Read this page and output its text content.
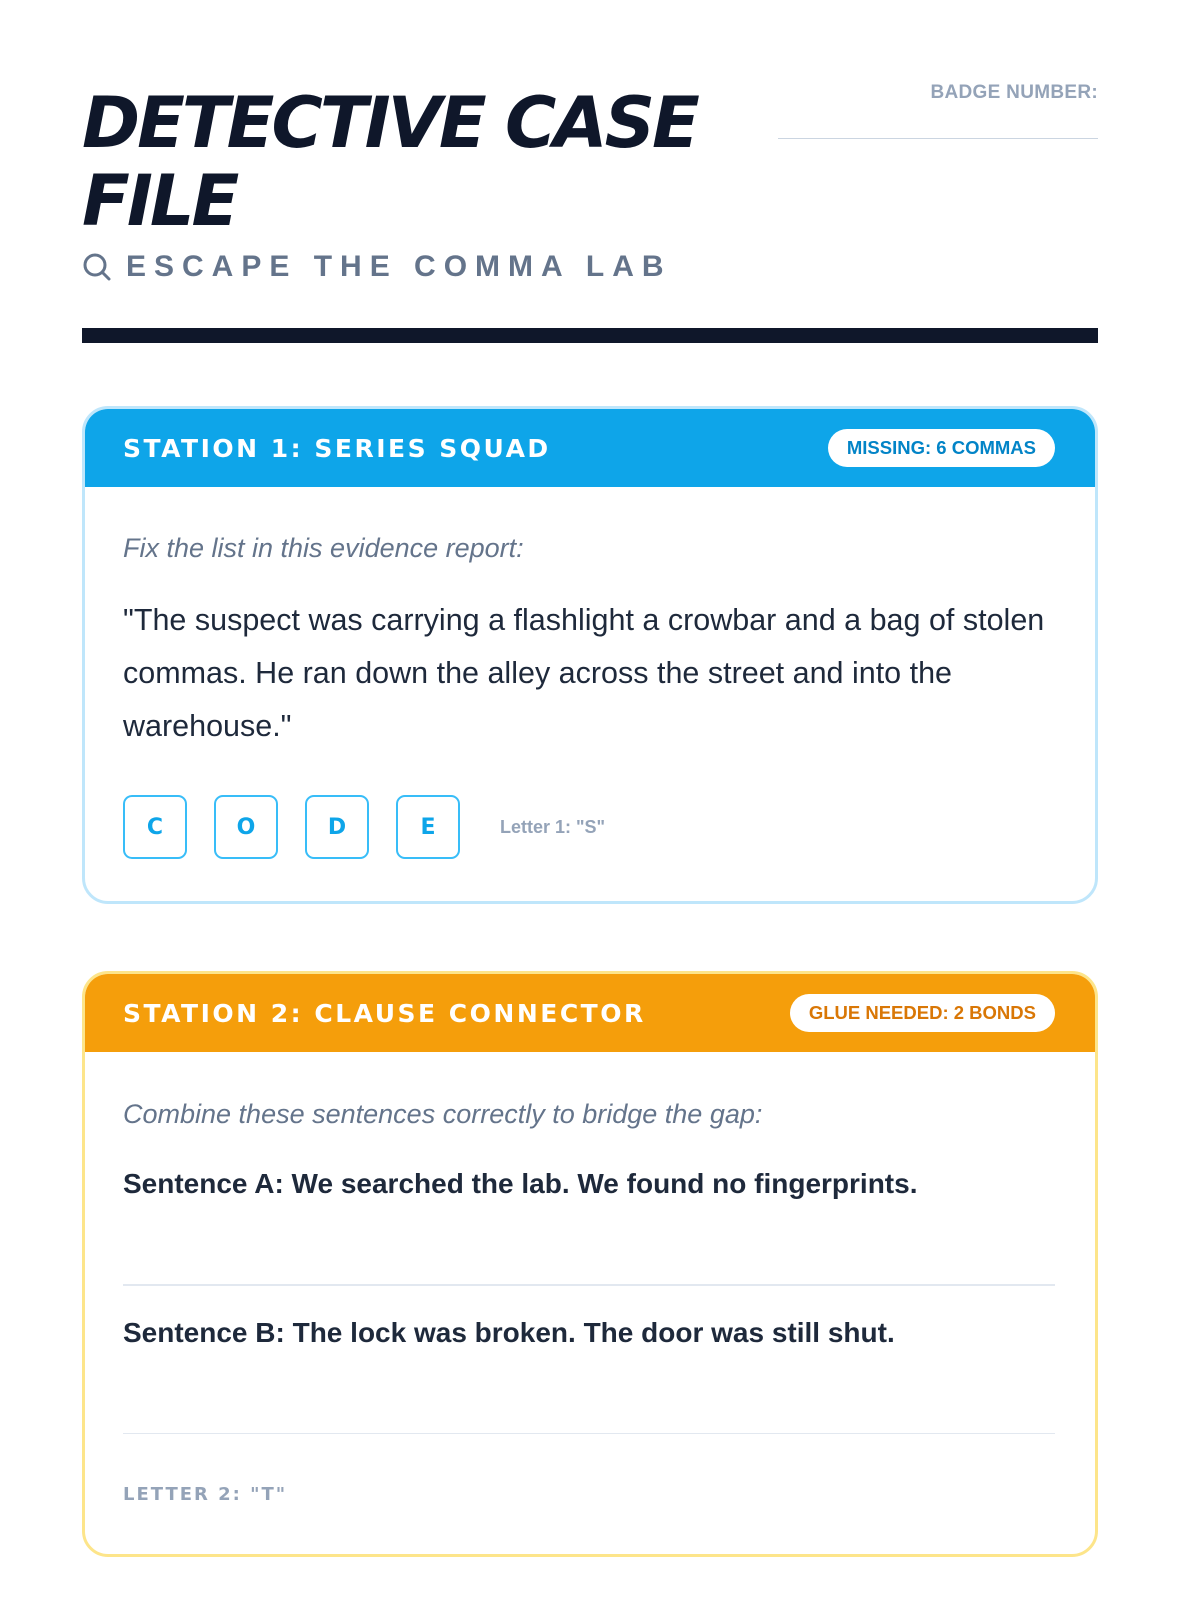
DETECTIVE CASE FILE
BADGE NUMBER:
ESCAPE THE COMMA LAB
STATION 1: SERIES SQUAD	MISSING: 6 COMMAS

Fix the list in this evidence report:

"The suspect was carrying a flashlight a crowbar and a bag of stolen commas. He ran down the alley across the street and into the warehouse."

C	O	D	E	Letter 1: "S"
STATION 2: CLAUSE CONNECTOR	GLUE NEEDED: 2 BONDS

Combine these sentences correctly to bridge the gap:

Sentence A: We searched the lab. We found no fingerprints.

Sentence B: The lock was broken. The door was still shut.

LETTER 2: "T"
